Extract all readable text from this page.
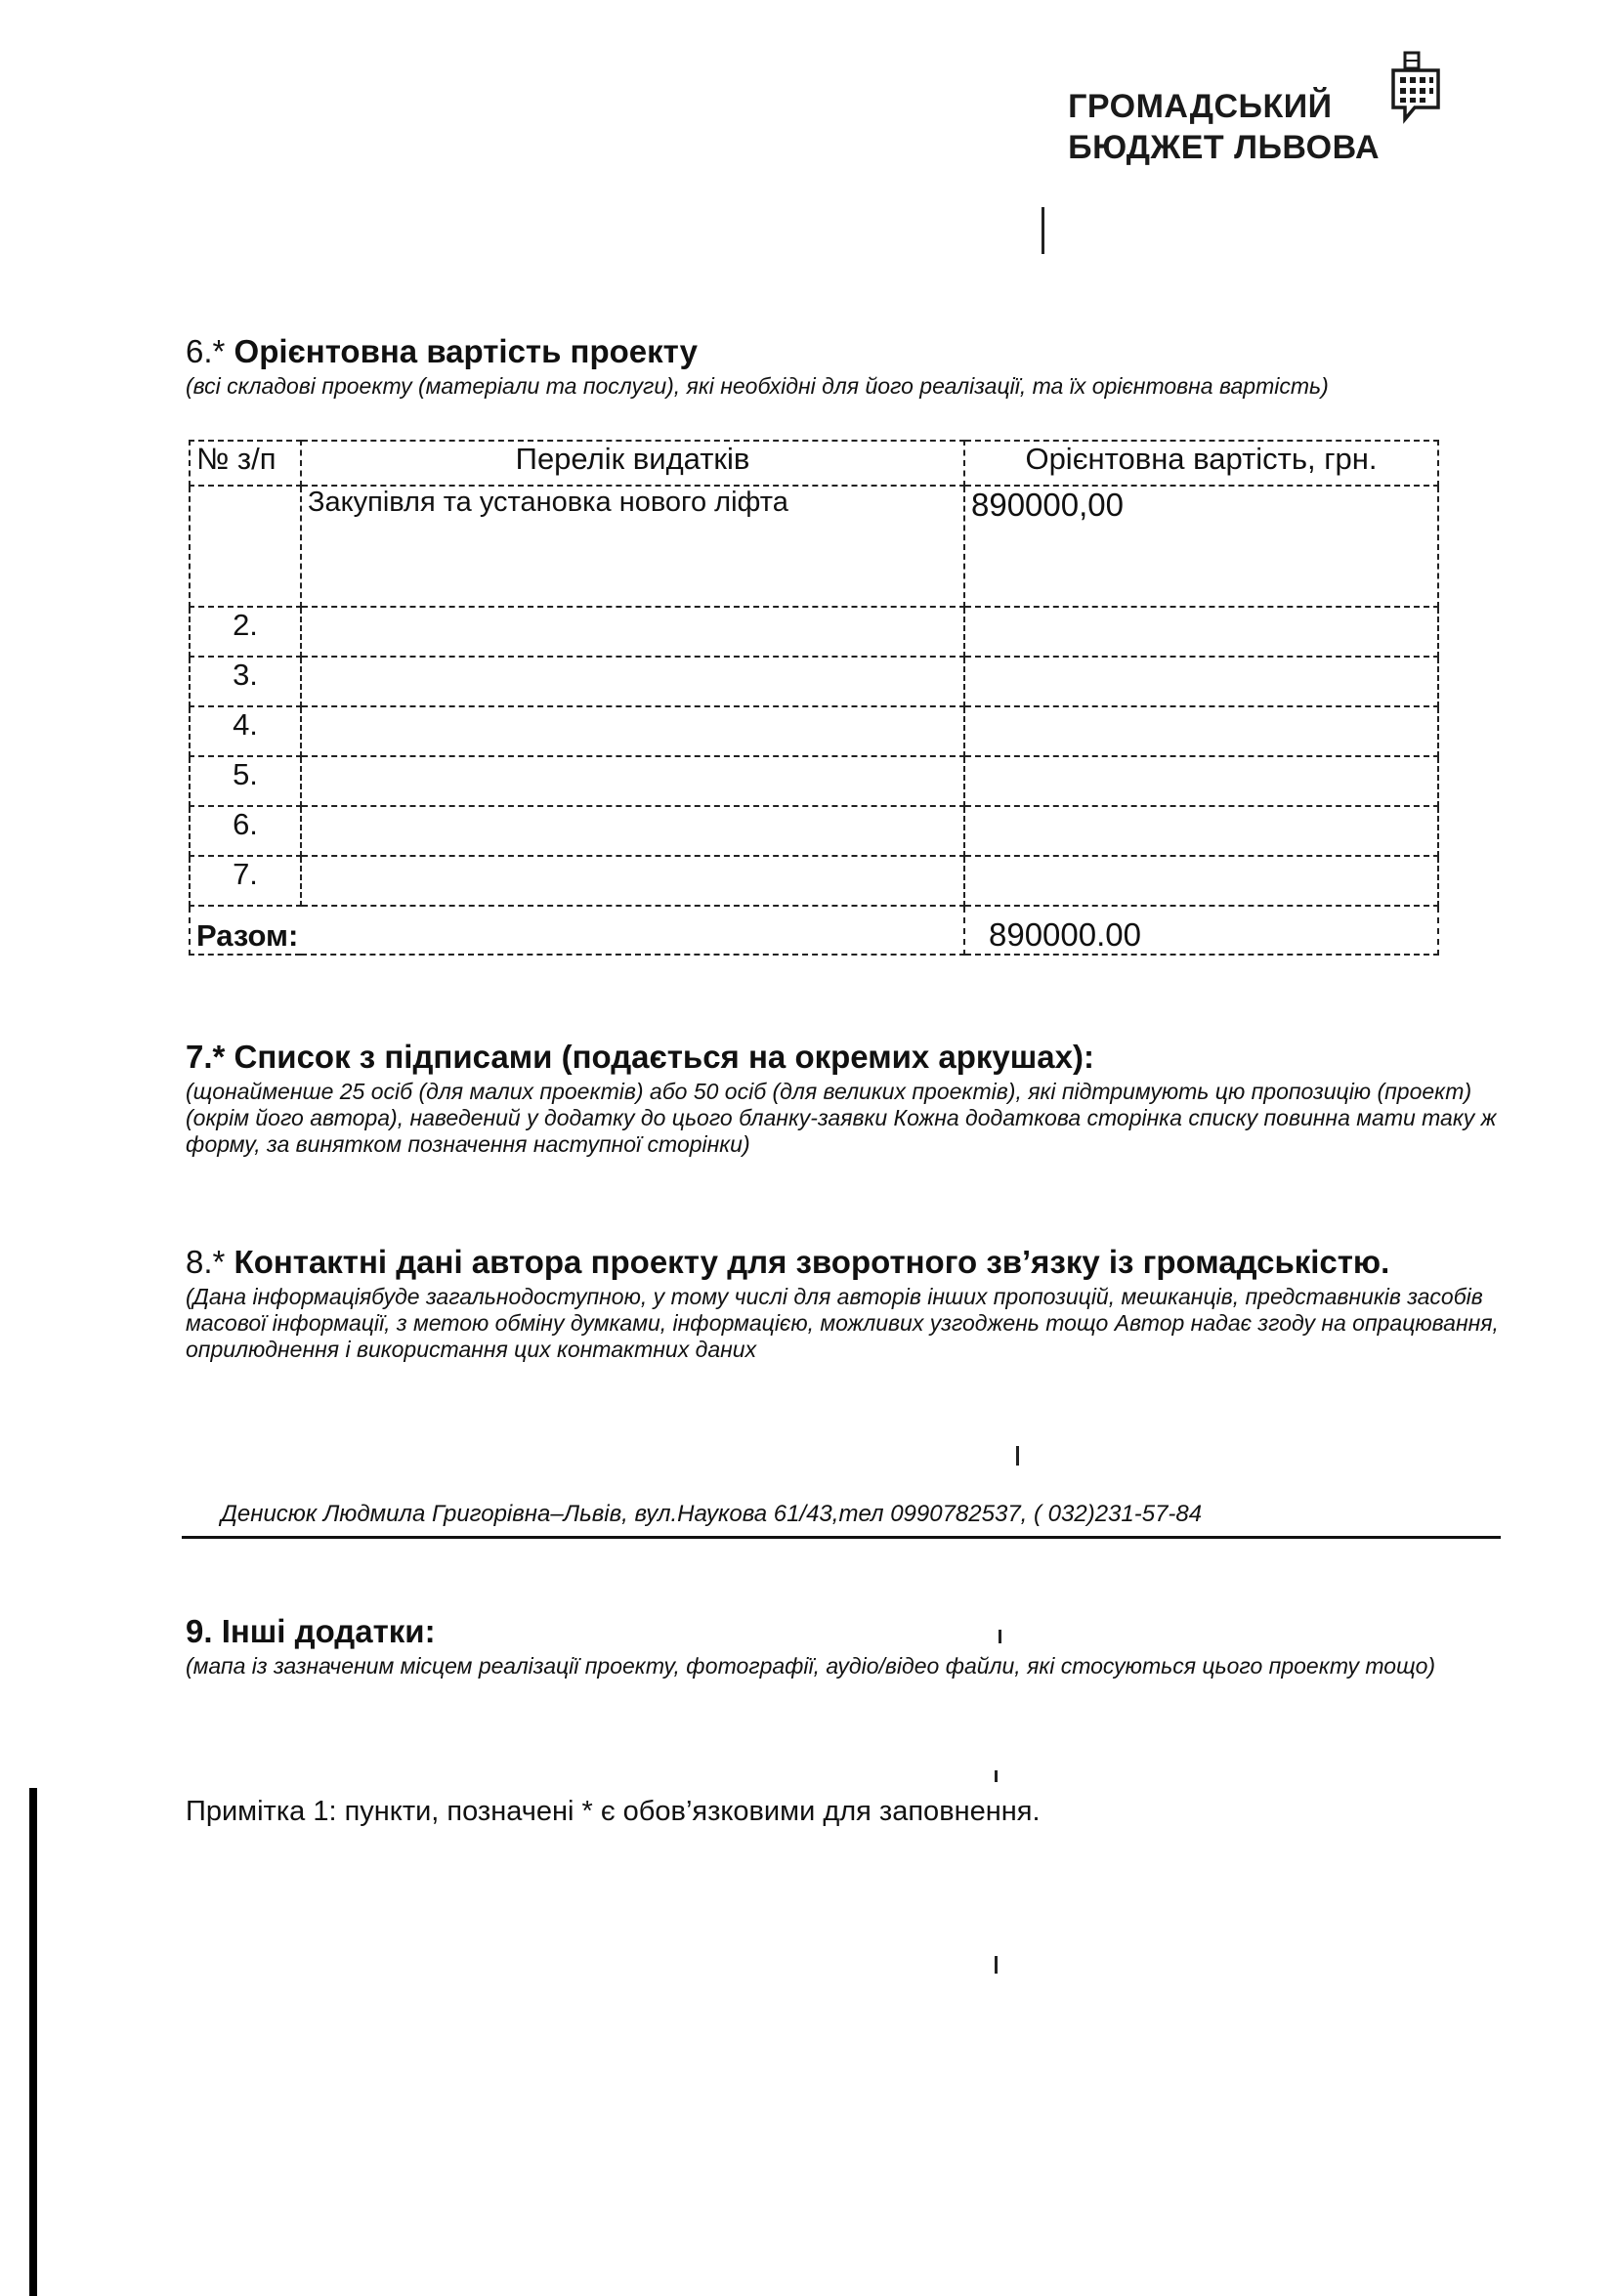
ГРОМАДСЬКИЙ
БЮДЖЕТ ЛЬВОВА
6.* Орієнтовна вартість проекту
(всі складові проекту (матеріали та послуги), які необхідні для його реалізації, та їх орієнтовна вартість)
№ з/п	Перелік видатків	Орієнтовна вартість, грн.
	Закупівля та установка нового ліфта	890000,00
2.		
3.		
4.		
5.		
6.		
7.		
Разом:		890000.00
7.* Список з підписами (подається на окремих аркушах):
(щонайменше 25 осіб (для малих проектів) або 50 осіб (для великих проектів), які підтримують цю пропозицію (проект) (окрім його автора), наведений у додатку до цього бланку-заявки Кожна додаткова сторінка списку повинна мати таку ж форму, за винятком позначення наступної сторінки)
8.* Контактні дані автора проекту для зворотного зв’язку із громадськістю.
(Дана інформаціябуде загальнодоступною, у тому числі для авторів інших пропозицій, мешканців, представників засобів масової інформації, з метою обміну думками, інформацією, можливих узгоджень тощо Автор надає згоду на опрацювання, оприлюднення і використання цих контактних даних
Денисюк Людмила Григорівна–Львів, вул.Наукова 61/43,тел 0990782537, ( 032)231-57-84
9. Інші додатки:
(мапа із зазначеним місцем реалізації проекту, фотографії, аудіо/відео файли, які стосуються цього проекту тощо)
Примітка 1: пункти, позначені * є обов’язковими для заповнення.
